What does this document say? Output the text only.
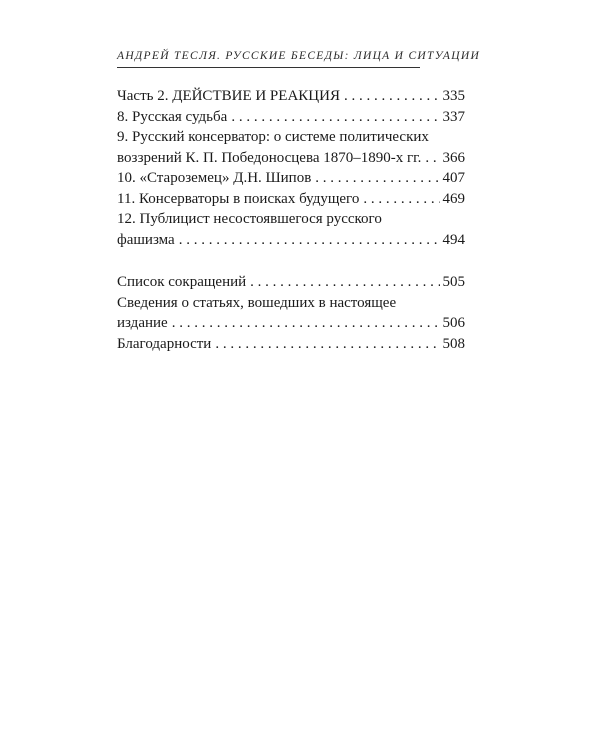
АНДРЕЙ ТЕСЛЯ. РУССКИЕ БЕСЕДЫ: ЛИЦА И СИТУАЦИИ
Часть 2. ДЕЙСТВИЕ И РЕАКЦИЯ . . .	335
8. Русская судьба . . .	337
9. Русский консерватор: о системе политических
воззрений К. П. Победоносцева 1870–1890-х гг. . . . 366
10. «Староземец» Д.Н. Шипов . . .	407
11. Консерваторы в поисках будущего . . .	469
12. Публицист несостоявшегося русского
фашизма . . .	494
Список сокращений . . .	505
Сведения о статьях, вошедших в настоящее
издание . . .	506
Благодарности . . .	508
